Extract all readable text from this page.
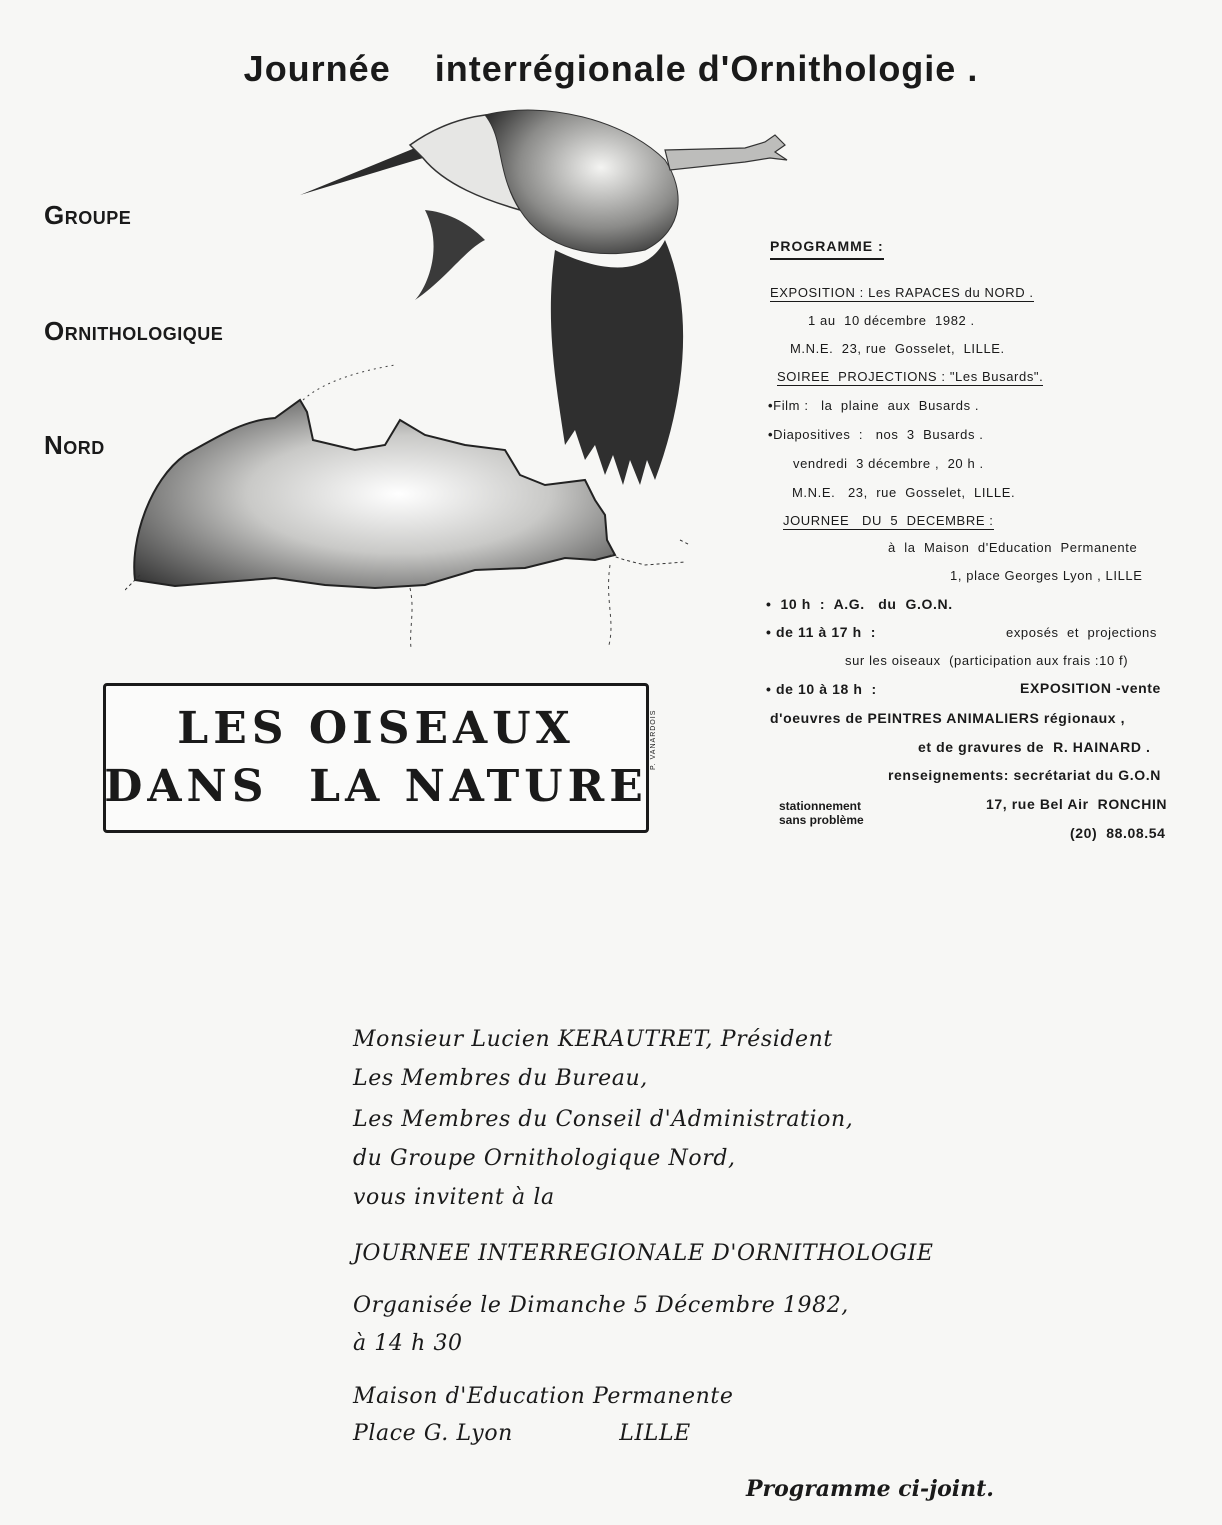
Journée    interrégionale d'Ornithologie .
Groupe
Ornithologique
Nord
PROGRAMME :
EXPOSITION : Les RAPACES du NORD .
1 au  10 décembre  1982 .
M.N.E.  23, rue  Gosselet,  LILLE.
SOIREE  PROJECTIONS : "Les Busards".
•Film :   la  plaine  aux  Busards .
•Diapositives  :   nos  3  Busards .
vendredi  3 décembre ,  20 h .
M.N.E.   23,  rue  Gosselet,  LILLE.
JOURNEE   DU  5  DECEMBRE :
à  la  Maison  d'Education  Permanente
1, place Georges Lyon , LILLE
•  10 h  :  A.G.   du  G.O.N.
• de 11 à 17 h  :	exposés  et  projections
sur les oiseaux  (participation aux frais :10 f)
• de 10 à 18 h  :	EXPOSITION -vente
d'oeuvres de PEINTRES ANIMALIERS régionaux ,
et de gravures de  R. HAINARD .
renseignements: secrétariat du G.O.N
17, rue Bel Air  RONCHIN
(20)  88.08.54
stationnement
sans problème
LES OISEAUX
DANS  LA NATURE
P. VANARDOIS
Monsieur Lucien KERAUTRET, Président
Les Membres du Bureau,
Les Membres du Conseil d'Administration,
du Groupe Ornithologique Nord,
vous invitent à la
JOURNEE INTERREGIONALE D'ORNITHOLOGIE
Organisée le Dimanche 5 Décembre 1982,
à 14 h 30
Maison d'Education Permanente
Place G. Lyon              LILLE
Programme ci-joint.
